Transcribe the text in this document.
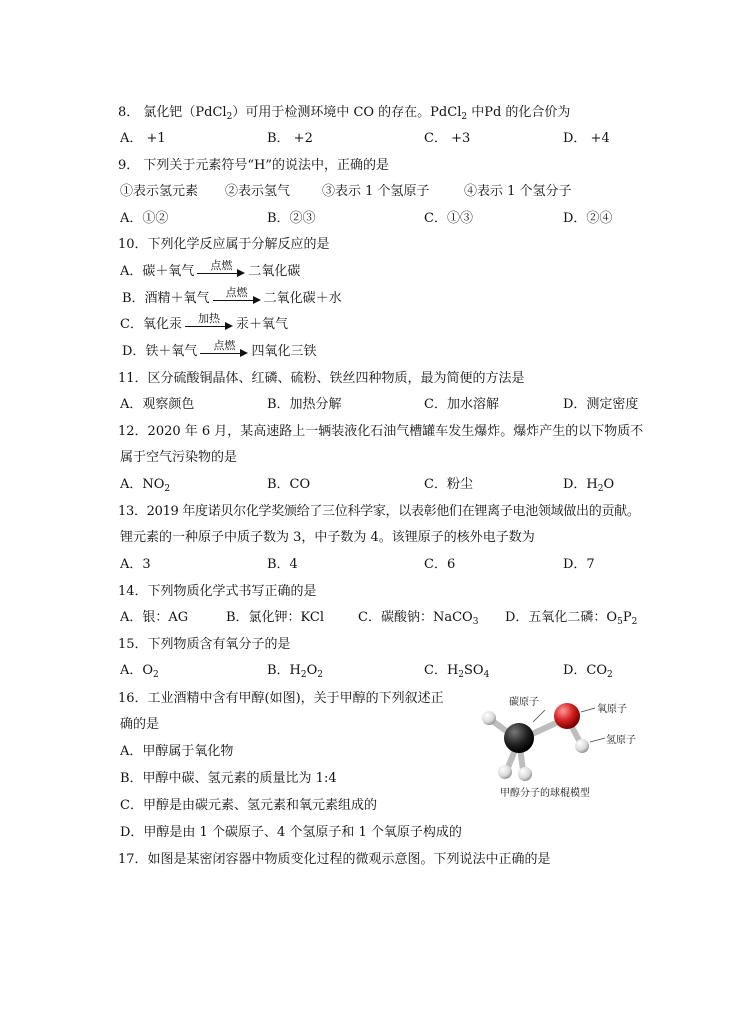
8． 氯化钯（PdCl$_2$）可用于检测环境中 CO 的存在。PdCl$_2$ 中Pd 的化合价为
A． +1	B． +2	C． +3	D． +4
9． 下列关于元素符号“H”的说法中，正确的是
①表示氢元素 ②表示氢气 ③表示 1 个氢原子	④表示 1 个氢分子
A．①②	B．②③	C．①③	D．②④
10．下列化学反应属于分解反应的是
A．碳＋氧气	点燃	二氧化碳
B．酒精＋氧气	点燃	二氧化碳＋水
C．氧化汞	加热	汞＋氧气
D．铁＋氧气	点燃	四氧化三铁
11．区分硫酸铜晶体、红磷、硫粉、铁丝四种物质，最为简便的方法是
A．观察颜色	B．加热分解	C．加水溶解	D．测定密度
12．2020 年 6 月，某高速路上一辆装液化石油气槽罐车发生爆炸。爆炸产生的以下物质不
属于空气污染物的是
A．$NO_2$	B．CO	C．粉尘	D．$H_2O$
13．2019 年度诺贝尔化学奖颁给了三位科学家，以表彰他们在锂离子电池领域做出的贡献。
锂元素的一种原子中质子数为 3，中子数为 4。该锂原子的核外电子数为
A．3	B．4	C．6	D．7
14．下列物质化学式书写正确的是
A．银：AG	B．氯化钾：KCl	C．碳酸钠：NaCO$_3$ D．五氧化二磷：$O_5P_2$
15．下列物质含有氧分子的是
A．$O_2$	B．$H_2O_2$	C．$H_2SO_4$	D．$CO_2$
16．工业酒精中含有甲醇(如图)，关于甲醇的下列叙述正
确的是
A．甲醇属于氧化物
B．甲醇中碳、氢元素的质量比为 1:4
C．甲醇是由碳元素、氢元素和氧元素组成的
D．甲醇是由 1 个碳原子、4 个氢原子和 1 个氧原子构成的
碳原子
氧原子
氢原子
甲醇分子的球棍模型
17．如图是某密闭容器中物质变化过程的微观示意图。下列说法中正确的是
